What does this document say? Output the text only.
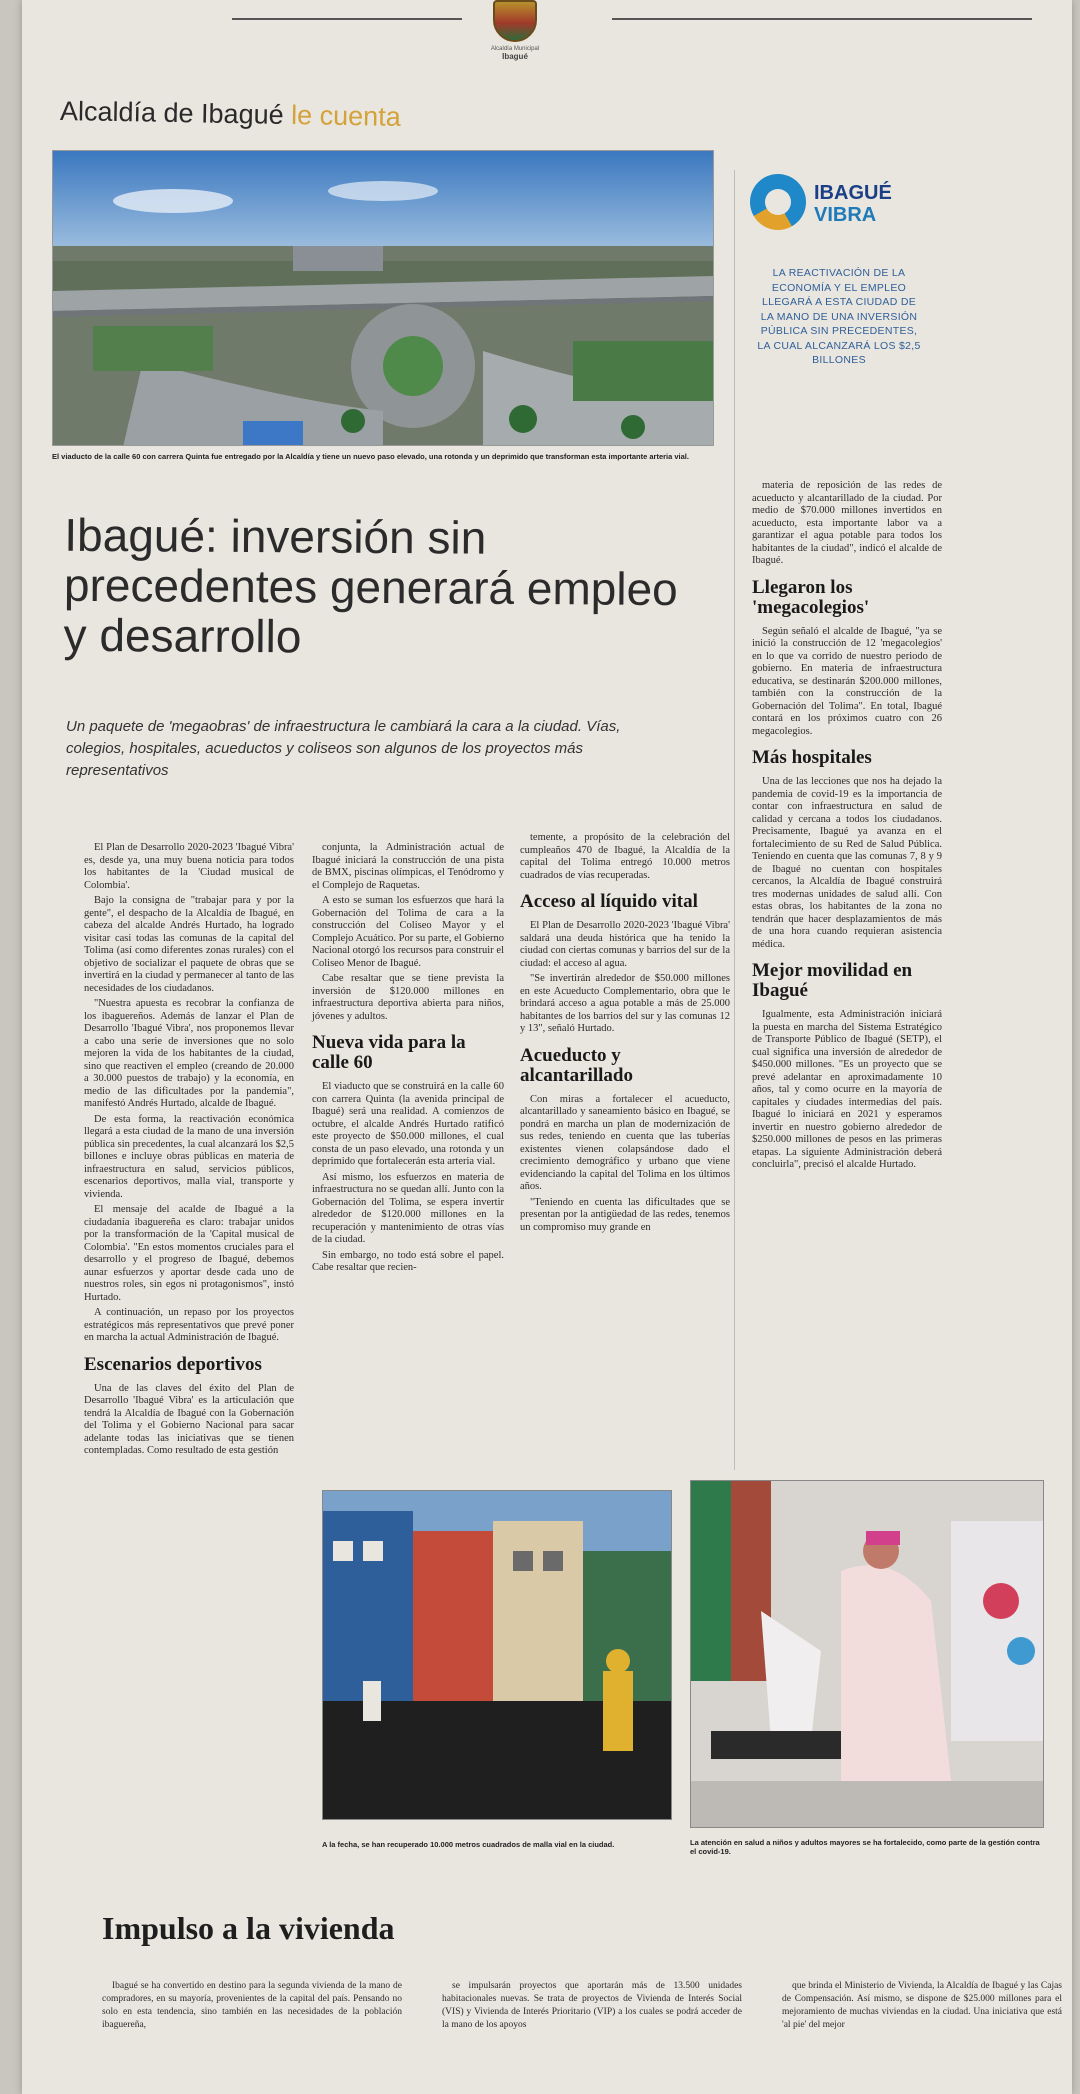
Alcaldía Municipal
Ibagué
Alcaldía de Ibagué le cuenta
El viaducto de la calle 60 con carrera Quinta fue entregado por la Alcaldía y tiene un nuevo paso elevado, una rotonda y un deprimido que transforman esta importante arteria vial.
IBAGUÉ
VIBRA
LA REACTIVACIÓN DE LA ECONOMÍA Y EL EMPLEO LLEGARÁ A ESTA CIUDAD DE LA MANO DE UNA INVERSIÓN PÚBLICA SIN PRECEDENTES, LA CUAL ALCANZARÁ LOS $2,5 BILLONES
Ibagué: inversión sin precedentes generará empleo y desarrollo
Un paquete de 'megaobras' de infraestructura le cambiará la cara a la ciudad. Vías, colegios, hospitales, acueductos y coliseos son algunos de los proyectos más representativos

materia de reposición de las redes de acueducto y alcantarillado de la ciudad. Por medio de $70.000 millones invertidos en acueducto, esta importante labor va a garantizar el agua potable para todos los habitantes de la ciudad", indicó el alcalde de Ibagué.

Llegaron los 'megacolegios'

Según señaló el alcalde de Ibagué, "ya se inició la construcción de 12 'megacolegios' en lo que va corrido de nuestro periodo de gobierno. En materia de infraestructura educativa, se destinarán $200.000 millones, también con la construcción de la Gobernación del Tolima". En total, Ibagué contará en los próximos cuatro con 26 megacolegios.

Más hospitales

Una de las lecciones que nos ha dejado la pandemia de covid-19 es la importancia de contar con infraestructura en salud de calidad y cercana a todos los ciudadanos. Precisamente, Ibagué ya avanza en el fortalecimiento de su Red de Salud Pública. Teniendo en cuenta que las comunas 7, 8 y 9 de Ibagué no cuentan con hospitales cercanos, la Alcaldía de Ibagué construirá tres modernas unidades de salud allí. Con estas obras, los habitantes de la zona no tendrán que hacer desplazamientos de más de una hora cuando requieran asistencia médica.

Mejor movilidad en Ibagué

Igualmente, esta Administración iniciará la puesta en marcha del Sistema Estratégico de Transporte Público de Ibagué (SETP), el cual significa una inversión de alrededor de $450.000 millones. "Es un proyecto que se prevé adelantar en aproximadamente 10 años, tal y como ocurre en la mayoría de capitales y ciudades intermedias del país. Ibagué lo iniciará en 2021 y esperamos invertir en nuestro gobierno alrededor de $250.000 millones de pesos en las primeras etapas. La siguiente Administración deberá concluirla", precisó el alcalde Hurtado.

El Plan de Desarrollo 2020-2023 'Ibagué Vibra' es, desde ya, una muy buena noticia para todos los habitantes de la 'Ciudad musical de Colombia'.

Bajo la consigna de "trabajar para y por la gente", el despacho de la Alcaldía de Ibagué, en cabeza del alcalde Andrés Hurtado, ha logrado visitar casi todas las comunas de la capital del Tolima (así como diferentes zonas rurales) con el objetivo de socializar el paquete de obras que se invertirá en la ciudad y permanecer al tanto de las necesidades de los ciudadanos.

"Nuestra apuesta es recobrar la confianza de los ibaguereños. Además de lanzar el Plan de Desarrollo 'Ibagué Vibra', nos proponemos llevar a cabo una serie de inversiones que no solo mejoren la vida de los habitantes de la ciudad, sino que reactiven el empleo (creando de 20.000 a 30.000 puestos de trabajo) y la economía, en medio de las dificultades por la pandemia", manifestó Andrés Hurtado, alcalde de Ibagué.

De esta forma, la reactivación económica llegará a esta ciudad de la mano de una inversión pública sin precedentes, la cual alcanzará los $2,5 billones e incluye obras públicas en materia de infraestructura en salud, servicios públicos, escenarios deportivos, malla vial, transporte y vivienda.

El mensaje del acalde de Ibagué a la ciudadanía ibaguereña es claro: trabajar unidos por la transformación de la 'Capital musical de Colombia'. "En estos momentos cruciales para el desarrollo y el progreso de Ibagué, debemos aunar esfuerzos y aportar desde cada uno de nuestros roles, sin egos ni protagonismos", instó Hurtado.

A continuación, un repaso por los proyectos estratégicos más representativos que prevé poner en marcha la actual Administración de Ibagué.

Escenarios deportivos

Una de las claves del éxito del Plan de Desarrollo 'Ibagué Vibra' es la articulación que tendrá la Alcaldía de Ibagué con la Gobernación del Tolima y el Gobierno Nacional para sacar adelante todas las iniciativas que se tienen contempladas. Como resultado de esta gestión

conjunta, la Administración actual de Ibagué iniciará la construcción de una pista de BMX, piscinas olímpicas, el Tenódromo y el Complejo de Raquetas.

A esto se suman los esfuerzos que hará la Gobernación del Tolima de cara a la construcción del Coliseo Mayor y el Complejo Acuático. Por su parte, el Gobierno Nacional otorgó los recursos para construir el Coliseo Menor de Ibagué.

Cabe resaltar que se tiene prevista la inversión de $120.000 millones en infraestructura deportiva abierta para niños, jóvenes y adultos.

Nueva vida para la calle 60

El viaducto que se construirá en la calle 60 con carrera Quinta (la avenida principal de Ibagué) será una realidad. A comienzos de octubre, el alcalde Andrés Hurtado ratificó este proyecto de $50.000 millones, el cual consta de un paso elevado, una rotonda y un deprimido que fortalecerán esta arteria vial.

Así mismo, los esfuerzos en materia de infraestructura no se quedan allí. Junto con la Gobernación del Tolima, se espera invertir alrededor de $120.000 millones en la recuperación y mantenimiento de otras vías de la ciudad.

Sin embargo, no todo está sobre el papel. Cabe resaltar que recien-

temente, a propósito de la celebración del cumpleaños 470 de Ibagué, la Alcaldía de la capital del Tolima entregó 10.000 metros cuadrados de vías recuperadas.

Acceso al líquido vital

El Plan de Desarrollo 2020-2023 'Ibagué Vibra' saldará una deuda histórica que ha tenido la ciudad con ciertas comunas y barrios del sur de la ciudad: el acceso al agua.

"Se invertirán alrededor de $50.000 millones en este Acueducto Complementario, obra que le brindará acceso a agua potable a más de 25.000 habitantes de los barrios del sur y las comunas 12 y 13", señaló Hurtado.

Acueducto y alcantarillado

Con miras a fortalecer el acueducto, alcantarillado y saneamiento básico en Ibagué, se pondrá en marcha un plan de modernización de sus redes, teniendo en cuenta que las tuberías existentes vienen colapsándose dado el crecimiento demográfico y urbano que viene evidenciando la capital del Tolima en los últimos años.

"Teniendo en cuenta las dificultades que se presentan por la antigüedad de las redes, tenemos un compromiso muy grande en

A la fecha, se han recuperado 10.000 metros cuadrados de malla vial en la ciudad.	La atención en salud a niños y adultos mayores se ha fortalecido, como parte de la gestión contra el covid-19.
Impulso a la vivienda

Ibagué se ha convertido en destino para la segunda vivienda de la mano de compradores, en su mayoría, provenientes de la capital del país. Pensando no solo en esta tendencia, sino también en las necesidades de la población ibaguereña,

se impulsarán proyectos que aportarán más de 13.500 unidades habitacionales nuevas. Se trata de proyectos de Vivienda de Interés Social (VIS) y Vivienda de Interés Prioritario (VIP) a los cuales se podrá acceder de la mano de los apoyos

que brinda el Ministerio de Vivienda, la Alcaldía de Ibagué y las Cajas de Compensación. Así mismo, se dispone de $25.000 millones para el mejoramiento de muchas viviendas en la ciudad. Una iniciativa que está 'al pie' del mejor
